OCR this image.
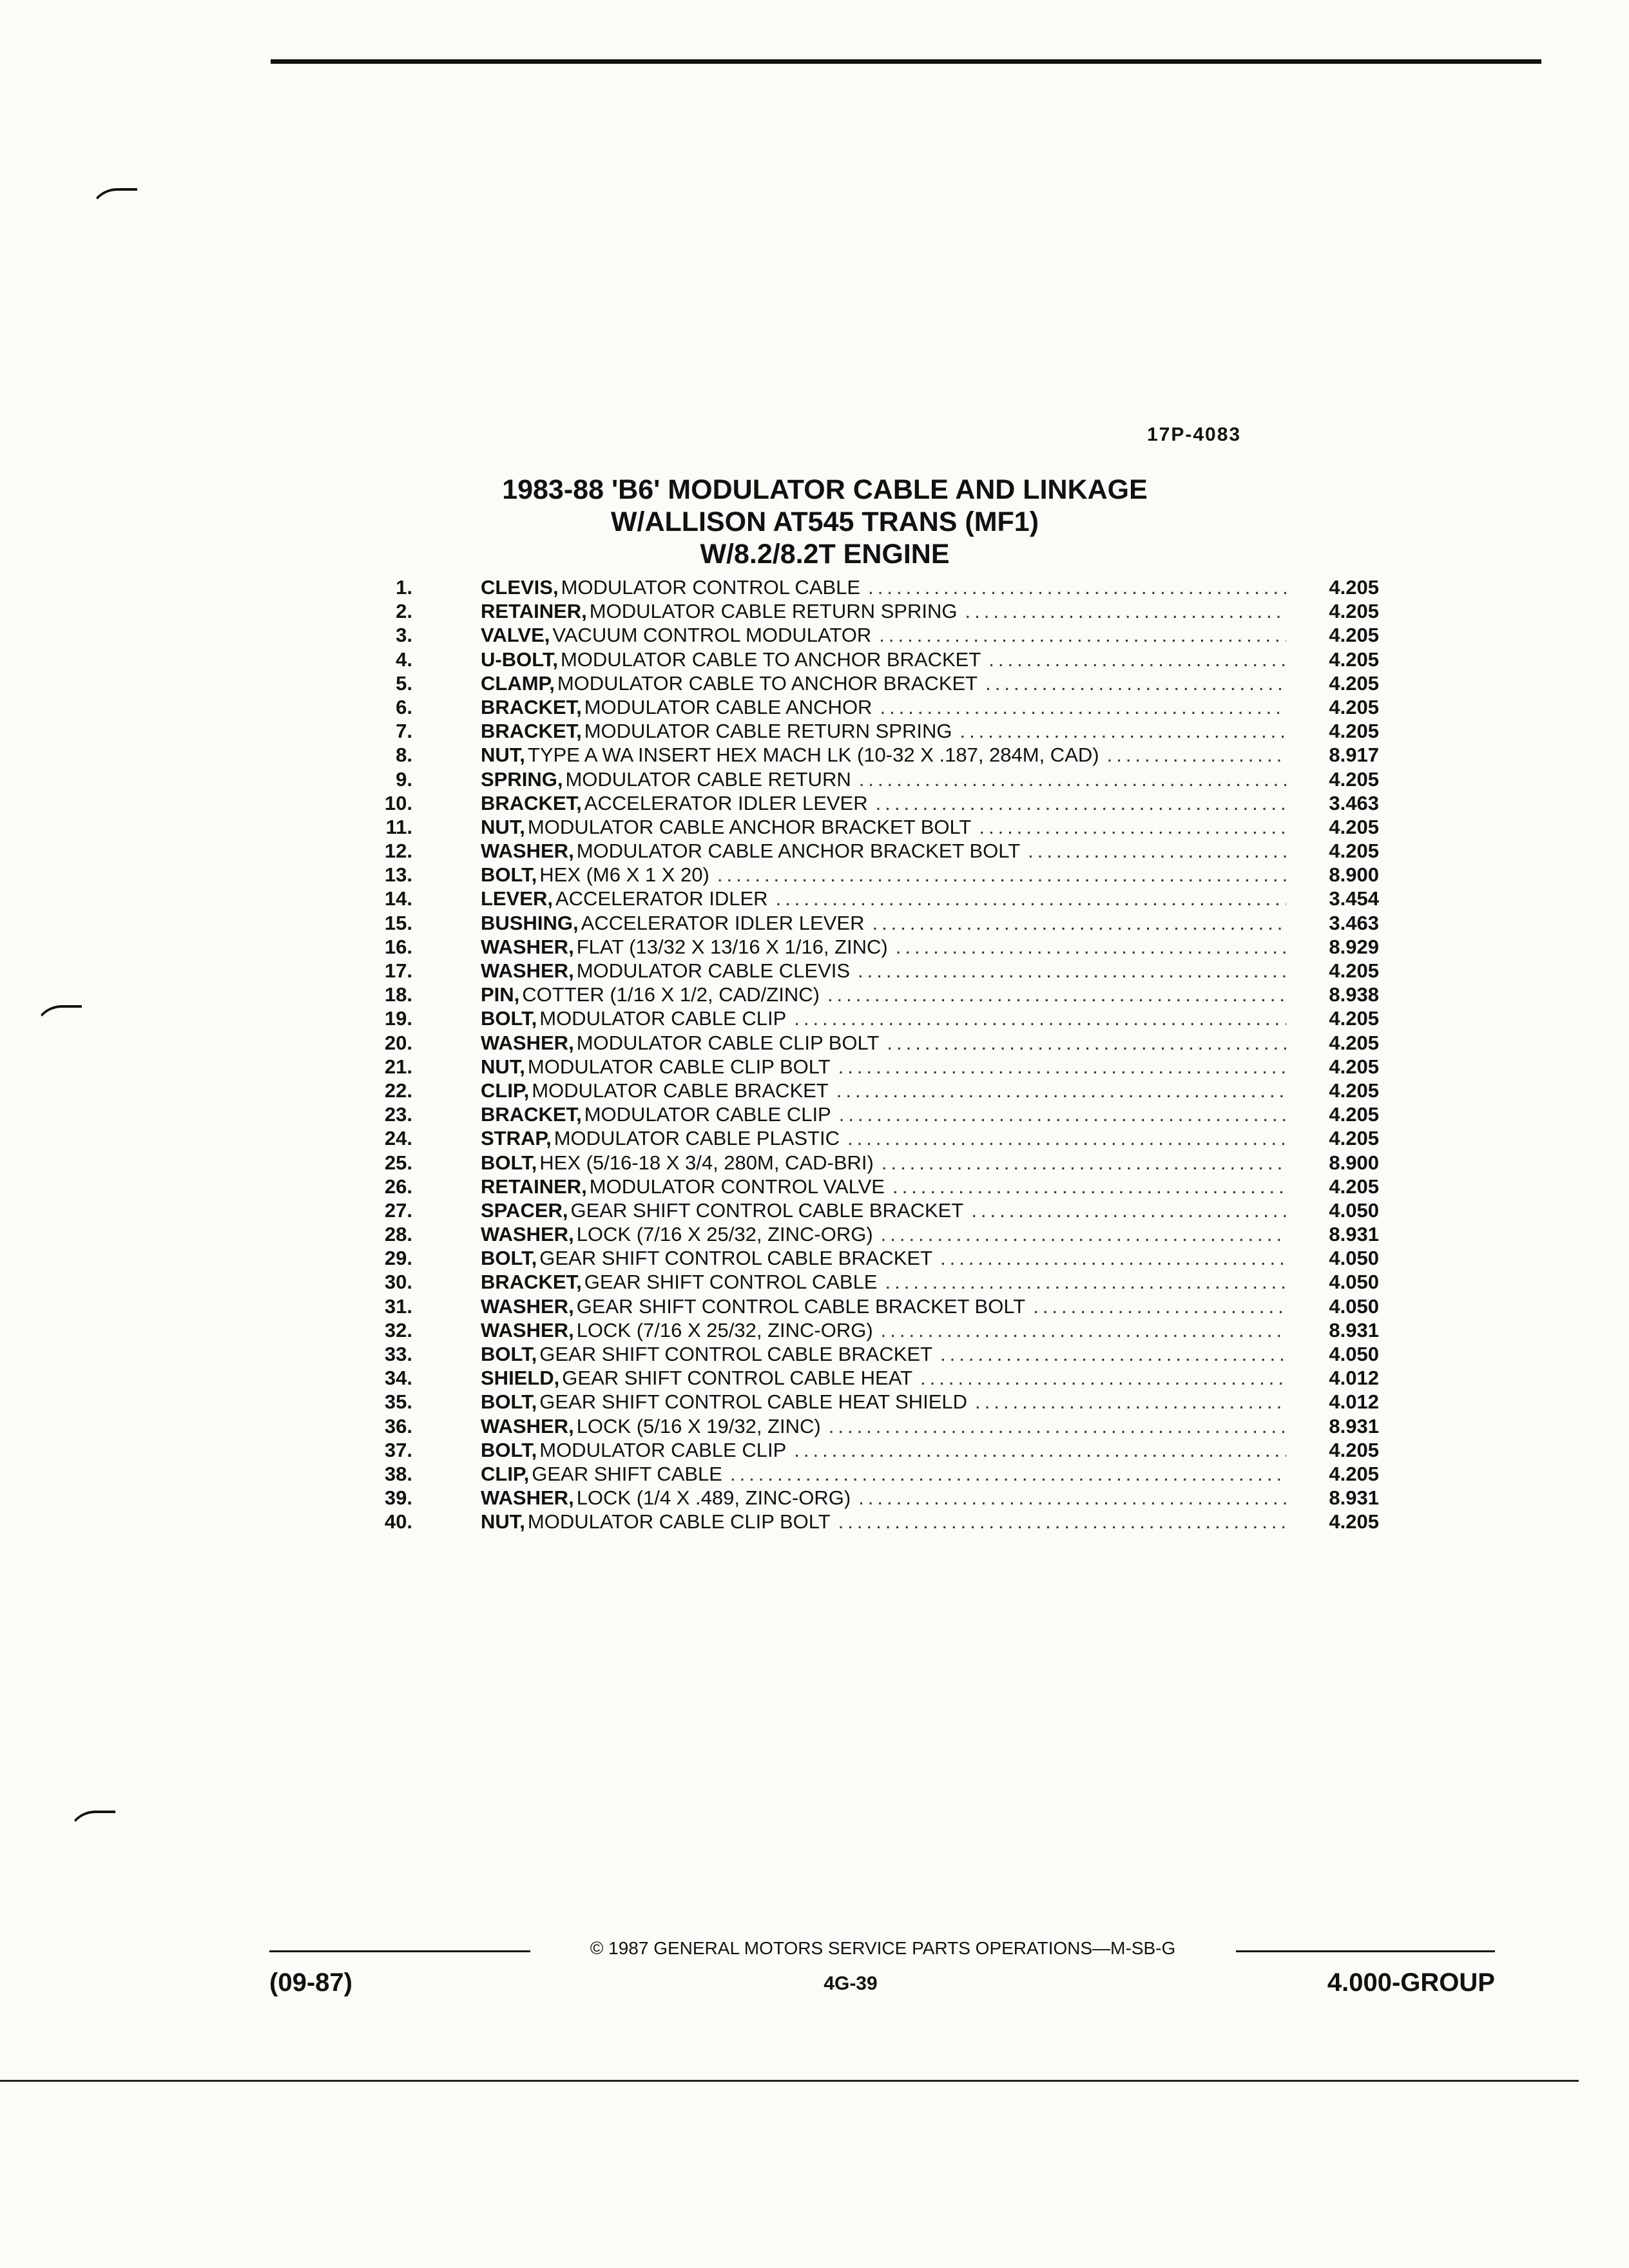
17P-4083
1983-88 'B6' MODULATOR CABLE AND LINKAGE
W/ALLISON AT545 TRANS (MF1)
W/8.2/8.2T ENGINE
1.	CLEVIS, MODULATOR CONTROL CABLE .....	4.205
2.	RETAINER, MODULATOR CABLE RETURN SPRING .....	4.205
3.	VALVE, VACUUM CONTROL MODULATOR .....	4.205
4.	U-BOLT, MODULATOR CABLE TO ANCHOR BRACKET .....	4.205
5.	CLAMP, MODULATOR CABLE TO ANCHOR BRACKET .....	4.205
6.	BRACKET, MODULATOR CABLE ANCHOR .....	4.205
7.	BRACKET, MODULATOR CABLE RETURN SPRING .....	4.205
8.	NUT, TYPE A WA INSERT HEX MACH LK (10-32 X .187, 284M, CAD) .....	8.917
9.	SPRING, MODULATOR CABLE RETURN .....	4.205
10.	BRACKET, ACCELERATOR IDLER LEVER .....	3.463
11.	NUT, MODULATOR CABLE ANCHOR BRACKET BOLT .....	4.205
12.	WASHER, MODULATOR CABLE ANCHOR BRACKET BOLT .....	4.205
13.	BOLT, HEX (M6 X 1 X 20) .....	8.900
14.	LEVER, ACCELERATOR IDLER .....	3.454
15.	BUSHING, ACCELERATOR IDLER LEVER .....	3.463
16.	WASHER, FLAT (13/32 X 13/16 X 1/16, ZINC) .....	8.929
17.	WASHER, MODULATOR CABLE CLEVIS .....	4.205
18.	PIN, COTTER (1/16 X 1/2, CAD/ZINC) .....	8.938
19.	BOLT, MODULATOR CABLE CLIP .....	4.205
20.	WASHER, MODULATOR CABLE CLIP BOLT .....	4.205
21.	NUT, MODULATOR CABLE CLIP BOLT .....	4.205
22.	CLIP, MODULATOR CABLE BRACKET .....	4.205
23.	BRACKET, MODULATOR CABLE CLIP .....	4.205
24.	STRAP, MODULATOR CABLE PLASTIC .....	4.205
25.	BOLT, HEX (5/16-18 X 3/4, 280M, CAD-BRI) .....	8.900
26.	RETAINER, MODULATOR CONTROL VALVE .....	4.205
27.	SPACER, GEAR SHIFT CONTROL CABLE BRACKET .....	4.050
28.	WASHER, LOCK (7/16 X 25/32, ZINC-ORG) .....	8.931
29.	BOLT, GEAR SHIFT CONTROL CABLE BRACKET .....	4.050
30.	BRACKET, GEAR SHIFT CONTROL CABLE .....	4.050
31.	WASHER, GEAR SHIFT CONTROL CABLE BRACKET BOLT .....	4.050
32.	WASHER, LOCK (7/16 X 25/32, ZINC-ORG) .....	8.931
33.	BOLT, GEAR SHIFT CONTROL CABLE BRACKET .....	4.050
34.	SHIELD, GEAR SHIFT CONTROL CABLE HEAT .....	4.012
35.	BOLT, GEAR SHIFT CONTROL CABLE HEAT SHIELD .....	4.012
36.	WASHER, LOCK (5/16 X 19/32, ZINC) .....	8.931
37.	BOLT, MODULATOR CABLE CLIP .....	4.205
38.	CLIP, GEAR SHIFT CABLE .....	4.205
39.	WASHER, LOCK (1/4 X .489, ZINC-ORG) .....	8.931
40.	NUT, MODULATOR CABLE CLIP BOLT .....	4.205
© 1987 GENERAL MOTORS SERVICE PARTS OPERATIONS—M-SB-G
(09-87)	4G-39	4.000-GROUP
